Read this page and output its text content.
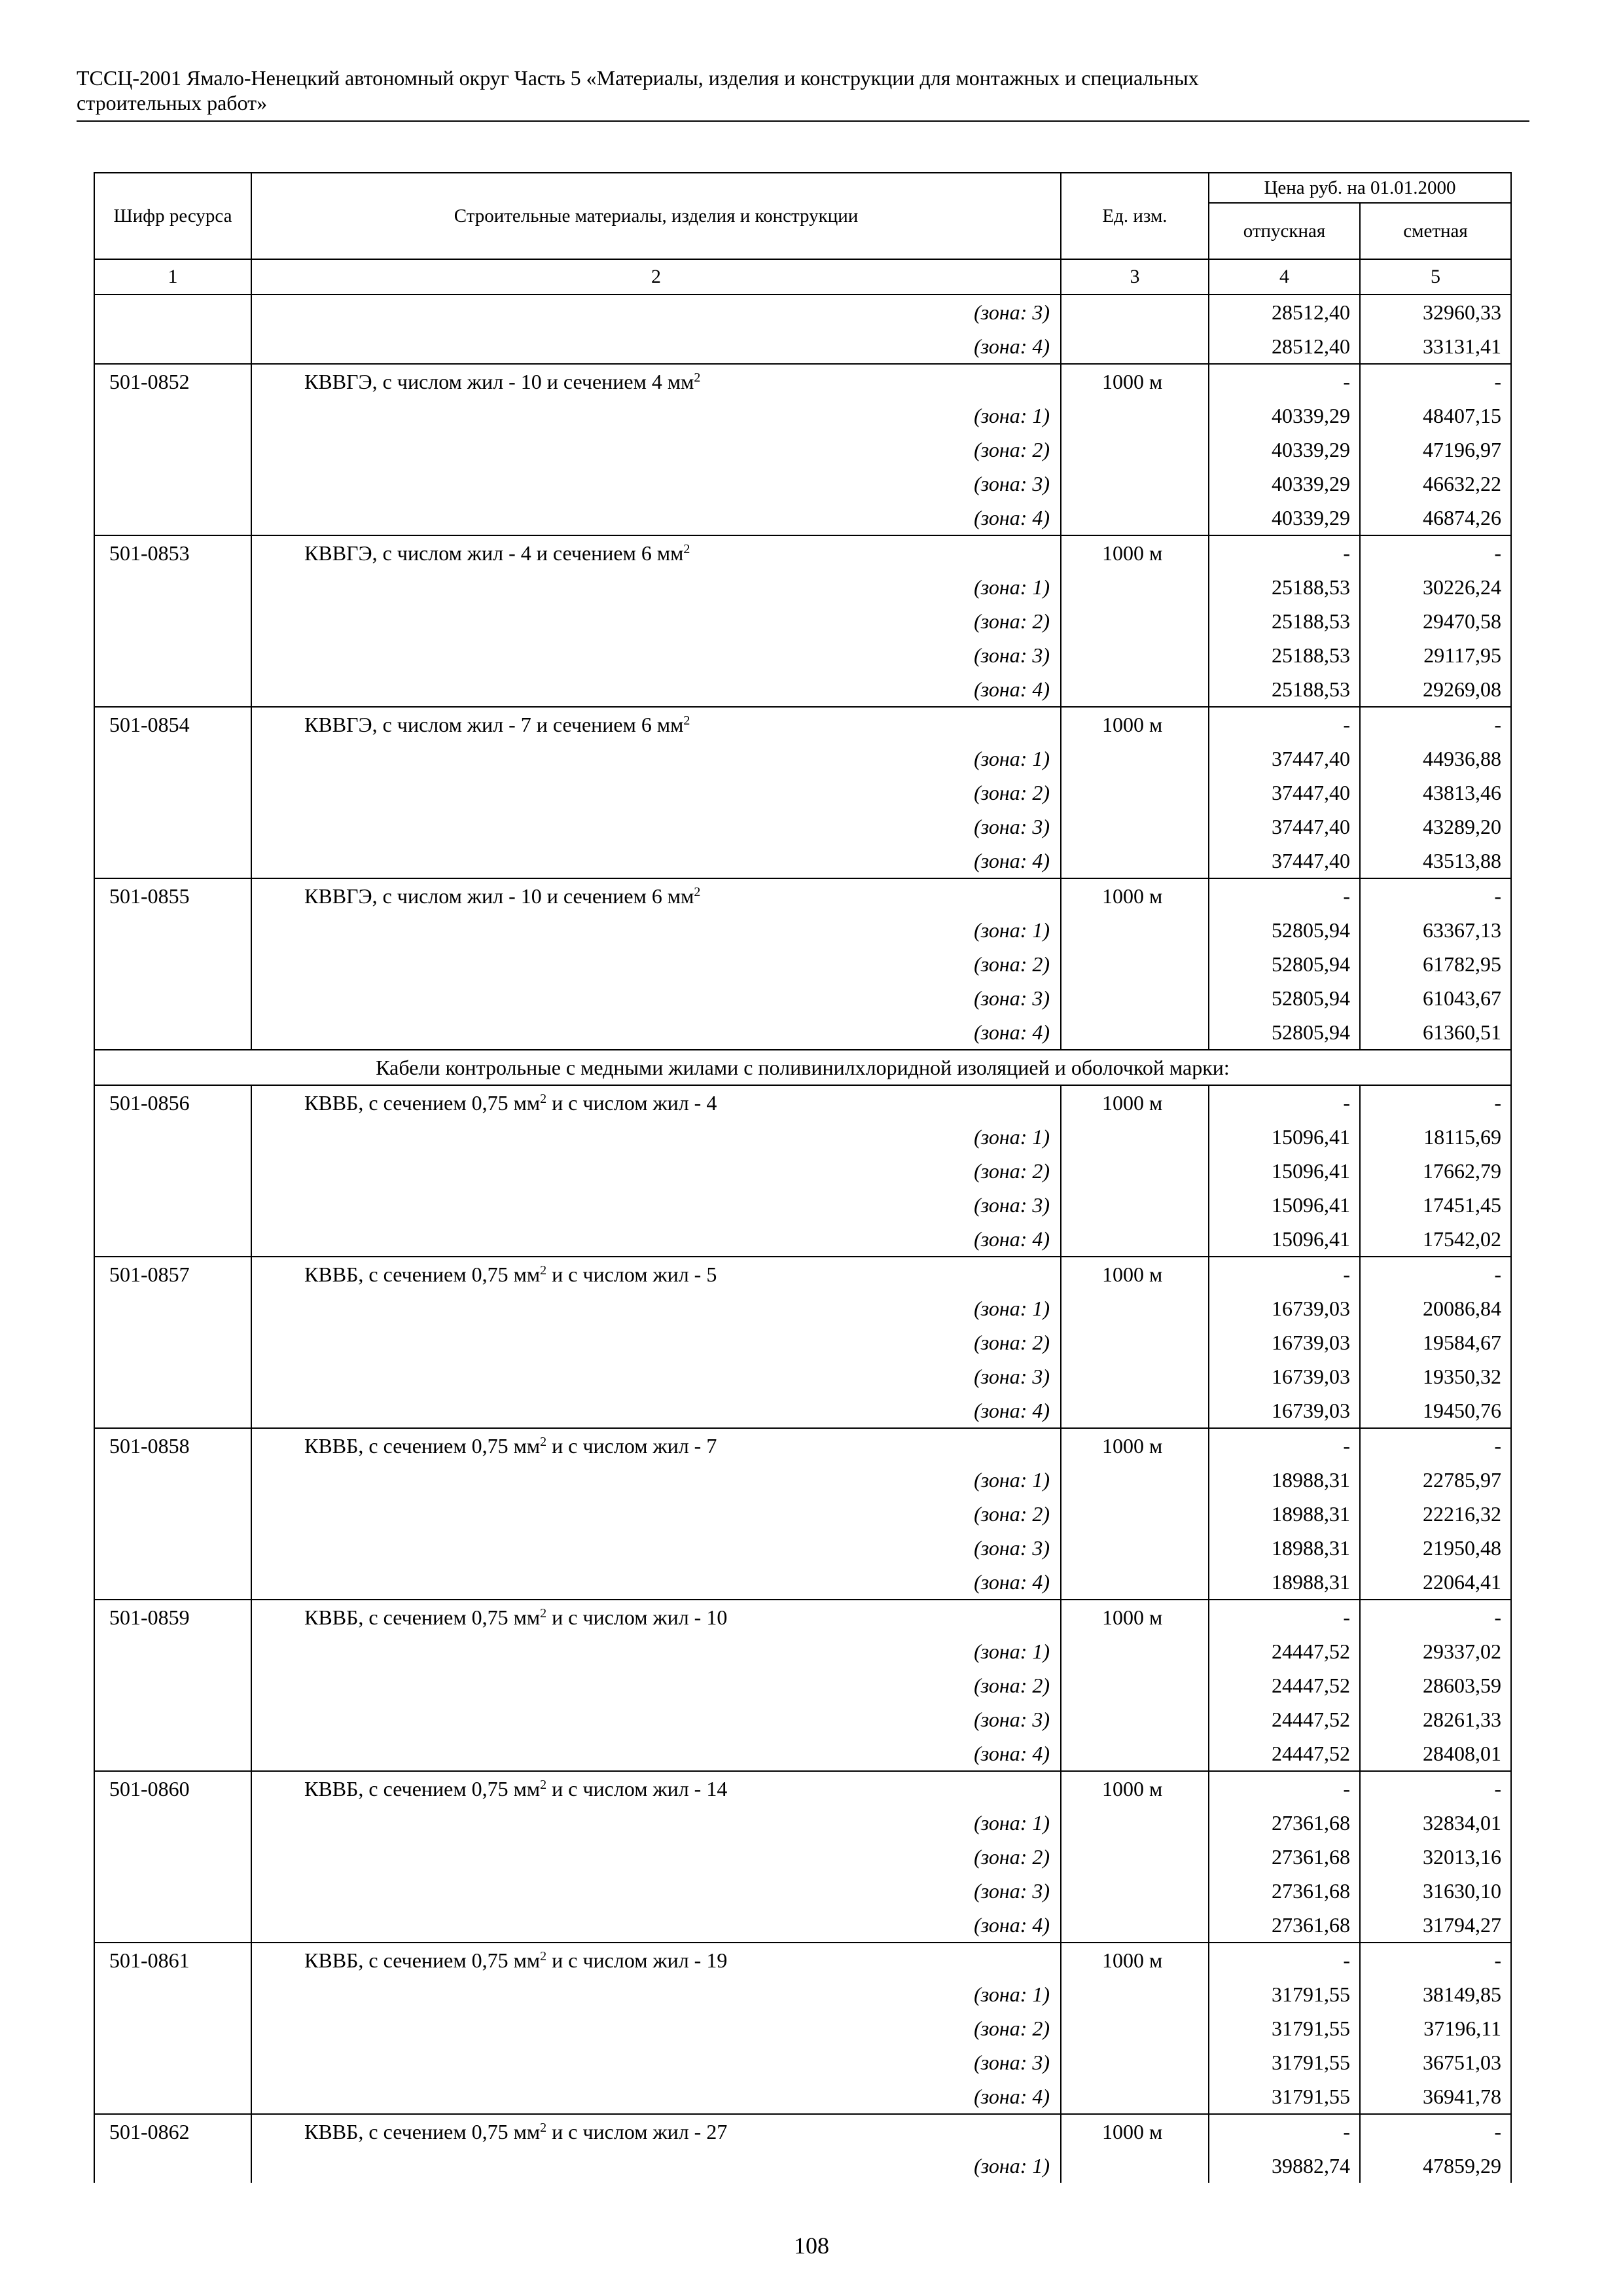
ТССЦ-2001 Ямало-Ненецкий автономный округ Часть 5 «Материалы, изделия и конструкции для монтажных и специальных
строительных работ»
Шифр ресурса	Строительные материалы, изделия и конструкции	Ед. изм.	Цена руб. на 01.01.2000	
			отпускная	сметная
1	2	3	4	5
	(зона: 3)		28512,40	32960,33
	(зона: 4)		28512,40	33131,41
501-0852	КВВГЭ, с числом жил - 10 и сечением 4 $мм^2$	1000 м	-	-
	(зона: 1)		40339,29	48407,15
	(зона: 2)		40339,29	47196,97
	(зона: 3)		40339,29	46632,22
	(зона: 4)		40339,29	46874,26
501-0853	КВВГЭ, с числом жил - 4 и сечением 6 $мм^2$	1000 м	-	-
	(зона: 1)		25188,53	30226,24
	(зона: 2)		25188,53	29470,58
	(зона: 3)		25188,53	29117,95
	(зона: 4)		25188,53	29269,08
501-0854	КВВГЭ, с числом жил - 7 и сечением 6 $мм^2$	1000 м	-	-
	(зона: 1)		37447,40	44936,88
	(зона: 2)		37447,40	43813,46
	(зона: 3)		37447,40	43289,20
	(зона: 4)		37447,40	43513,88
501-0855	КВВГЭ, с числом жил - 10 и сечением 6 $мм^2$	1000 м	-	-
	(зона: 1)		52805,94	63367,13
	(зона: 2)		52805,94	61782,95
	(зона: 3)		52805,94	61043,67
	(зона: 4)		52805,94	61360,51
Кабели контрольные с медными жилами с поливинилхлоридной изоляцией и оболочкой марки:				
501-0856	КВВБ, с сечением 0,75 $мм^2$ и с числом жил - 4	1000 м	-	-
	(зона: 1)		15096,41	18115,69
	(зона: 2)		15096,41	17662,79
	(зона: 3)		15096,41	17451,45
	(зона: 4)		15096,41	17542,02
501-0857	КВВБ, с сечением 0,75 $мм^2$ и с числом жил - 5	1000 м	-	-
	(зона: 1)		16739,03	20086,84
	(зона: 2)		16739,03	19584,67
	(зона: 3)		16739,03	19350,32
	(зона: 4)		16739,03	19450,76
501-0858	КВВБ, с сечением 0,75 $мм^2$ и с числом жил - 7	1000 м	-	-
	(зона: 1)		18988,31	22785,97
	(зона: 2)		18988,31	22216,32
	(зона: 3)		18988,31	21950,48
	(зона: 4)		18988,31	22064,41
501-0859	КВВБ, с сечением 0,75 $мм^2$ и с числом жил - 10	1000 м	-	-
	(зона: 1)		24447,52	29337,02
	(зона: 2)		24447,52	28603,59
	(зона: 3)		24447,52	28261,33
	(зона: 4)		24447,52	28408,01
501-0860	КВВБ, с сечением 0,75 $мм^2$ и с числом жил - 14	1000 м	-	-
	(зона: 1)		27361,68	32834,01
	(зона: 2)		27361,68	32013,16
	(зона: 3)		27361,68	31630,10
	(зона: 4)		27361,68	31794,27
501-0861	КВВБ, с сечением 0,75 $мм^2$ и с числом жил - 19	1000 м	-	-
	(зона: 1)		31791,55	38149,85
	(зона: 2)		31791,55	37196,11
	(зона: 3)		31791,55	36751,03
	(зона: 4)		31791,55	36941,78
501-0862	КВВБ, с сечением 0,75 $мм^2$ и с числом жил - 27	1000 м	-	-
	(зона: 1)		39882,74	47859,29
108
